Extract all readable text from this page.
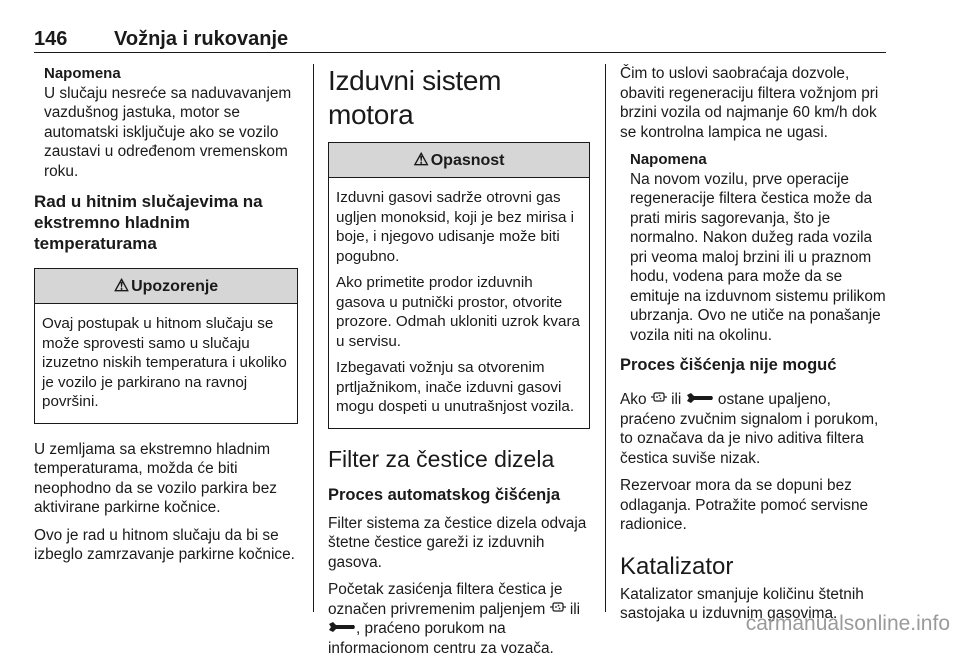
146 Vožnja i rukovanje
Napomena
U slučaju nesreće sa naduvavanjem vazdušnog jastuka, motor se automatski isključuje ako se vozilo zaustavi u određenom vremenskom roku.
Rad u hitnim slučajevima na ekstremno hladnim temperaturama
⚠ Upozorenje

Ovaj postupak u hitnom slučaju se može sprovesti samo u slučaju izuzetno niskih temperatura i ukoliko je vozilo je parkirano na ravnoj površini.

U zemljama sa ekstremno hladnim temperaturama, možda će biti neophodno da se vozilo parkira bez aktivirane parkirne kočnice.

Ovo je rad u hitnom slučaju da bi se izbeglo zamrzavanje parkirne kočnice.

Izduvni sistem motora
⚠ Opasnost

Izduvni gasovi sadrže otrovni gas ugljen monoksid, koji je bez mirisa i boje, i njegovo udisanje može biti pogubno.

Ako primetite prodor izduvnih gasova u putnički prostor, otvorite prozore. Odmah ukloniti uzrok kvara u servisu.

Izbegavati vožnju sa otvorenim prtljažnikom, inače izduvni gasovi mogu dospeti u unutrašnjost vozila.

Filter za čestice dizela
Proces automatskog čišćenja

Filter sistema za čestice dizela odvaja štetne čestice gareži iz izduvnih gasova.

Početak zasićenja filtera čestica je označen privremenim paljenjem ili
, praćeno porukom na informacionom centru za vozača.

Čim to uslovi saobraćaja dozvole, obaviti regeneraciju filtera vožnjom pri brzini vozila od najmanje 60 km/h dok se kontrolna lampica ne ugasi.

Napomena
Na novom vozilu, prve operacije regeneracije filtera čestica može da prati miris sagorevanja, što je normalno. Nakon dužeg rada vozila pri veoma maloj brzini ili u praznom hodu, vodena para može da se emituje na izduvnom sistemu prilikom ubrzanja. Ovo ne utiče na ponašanje vozila niti na okolinu.
Proces čišćenja nije moguć

Ako ili ostane upaljeno, praćeno zvučnim signalom i porukom, to označava da je nivo aditiva filtera čestica suviše nizak.

Rezervoar mora da se dopuni bez odlaganja. Potražite pomoć servisne radionice.

Katalizator

Katalizator smanjuje količinu štetnih sastojaka u izduvnim gasovima.

carmanualsonline.info
